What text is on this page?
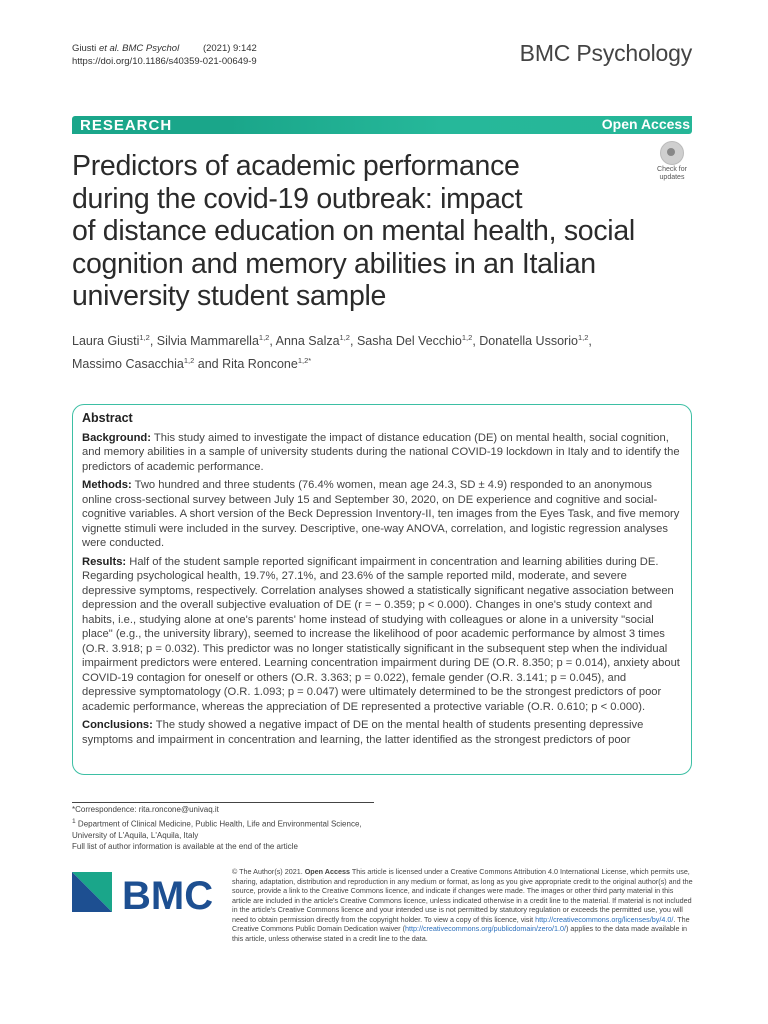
Giusti et al. BMC Psychol	(2021) 9:142
https://doi.org/10.1186/s40359-021-00649-9	BMC Psychology
RESEARCH	Open Access
Predictors of academic performance
during the covid-19 outbreak: impact
of distance education on mental health, social
cognition and memory abilities in an Italian
university student sample
Check for
updates
Laura Giusti$^{1,2}$, Silvia Mammarella$^{1,2}$, Anna Salza$^{1,2}$, Sasha Del Vecchio$^{1,2}$, Donatella Ussorio$^{1,2}$,
Massimo Casacchia$^{1,2}$ and Rita Roncone$^{1,2*}$
Abstract

Background: This study aimed to investigate the impact of distance education (DE) on mental health, social cognition, and memory abilities in a sample of university students during the national COVID-19 lockdown in Italy and to identify the predictors of academic performance.

Methods: Two hundred and three students (76.4% women, mean age 24.3, SD ± 4.9) responded to an anonymous online cross-sectional survey between July 15 and September 30, 2020, on DE experience and cognitive and social-cognitive variables. A short version of the Beck Depression Inventory-II, ten images from the Eyes Task, and five memory vignette stimuli were included in the survey. Descriptive, one-way ANOVA, correlation, and logistic regression analyses were conducted.

Results: Half of the student sample reported significant impairment in concentration and learning abilities during DE. Regarding psychological health, 19.7%, 27.1%, and 23.6% of the sample reported mild, moderate, and severe depressive symptoms, respectively. Correlation analyses showed a statistically significant negative association between depression and the overall subjective evaluation of DE (r = − 0.359; p < 0.000). Changes in one's study context and habits, i.e., studying alone at one's parents' home instead of studying with colleagues or alone in a university "social place" (e.g., the university library), seemed to increase the likelihood of poor academic performance by almost 3 times (O.R. 3.918; p = 0.032). This predictor was no longer statistically significant in the subsequent step when the individual impairment predictors were entered. Learning concentration impairment during DE (O.R. 8.350; p = 0.014), anxiety about COVID-19 contagion for oneself or others (O.R. 3.363; p = 0.022), female gender (O.R. 3.141; p = 0.045), and depressive symptomatology (O.R. 1.093; p = 0.047) were ultimately determined to be the strongest predictors of poor academic performance, whereas the appreciation of DE represented a protective variable (O.R. 0.610; p < 0.000).

Conclusions: The study showed a negative impact of DE on the mental health of students presenting depressive symptoms and impairment in concentration and learning, the latter identified as the strongest predictors of poor

*Correspondence: rita.roncone@univaq.it
$^1$ Department of Clinical Medicine, Public Health, Life and Environmental Science, University of L'Aquila, L'Aquila, Italy
Full list of author information is available at the end of the article
BMC
© The Author(s) 2021. Open Access This article is licensed under a Creative Commons Attribution 4.0 International License, which permits use, sharing, adaptation, distribution and reproduction in any medium or format, as long as you give appropriate credit to the original author(s) and the source, provide a link to the Creative Commons licence, and indicate if changes were made. The images or other third party material in this article are included in the article's Creative Commons licence, unless indicated otherwise in a credit line to the material. If material is not included in the article's Creative Commons licence and your intended use is not permitted by statutory regulation or exceeds the permitted use, you will need to obtain permission directly from the copyright holder. To view a copy of this licence, visit http://creativecommons.org/licenses/by/4.0/. The Creative Commons Public Domain Dedication waiver (http://creativecommons.org/publicdomain/zero/1.0/) applies to the data made available in this article, unless otherwise stated in a credit line to the data.
